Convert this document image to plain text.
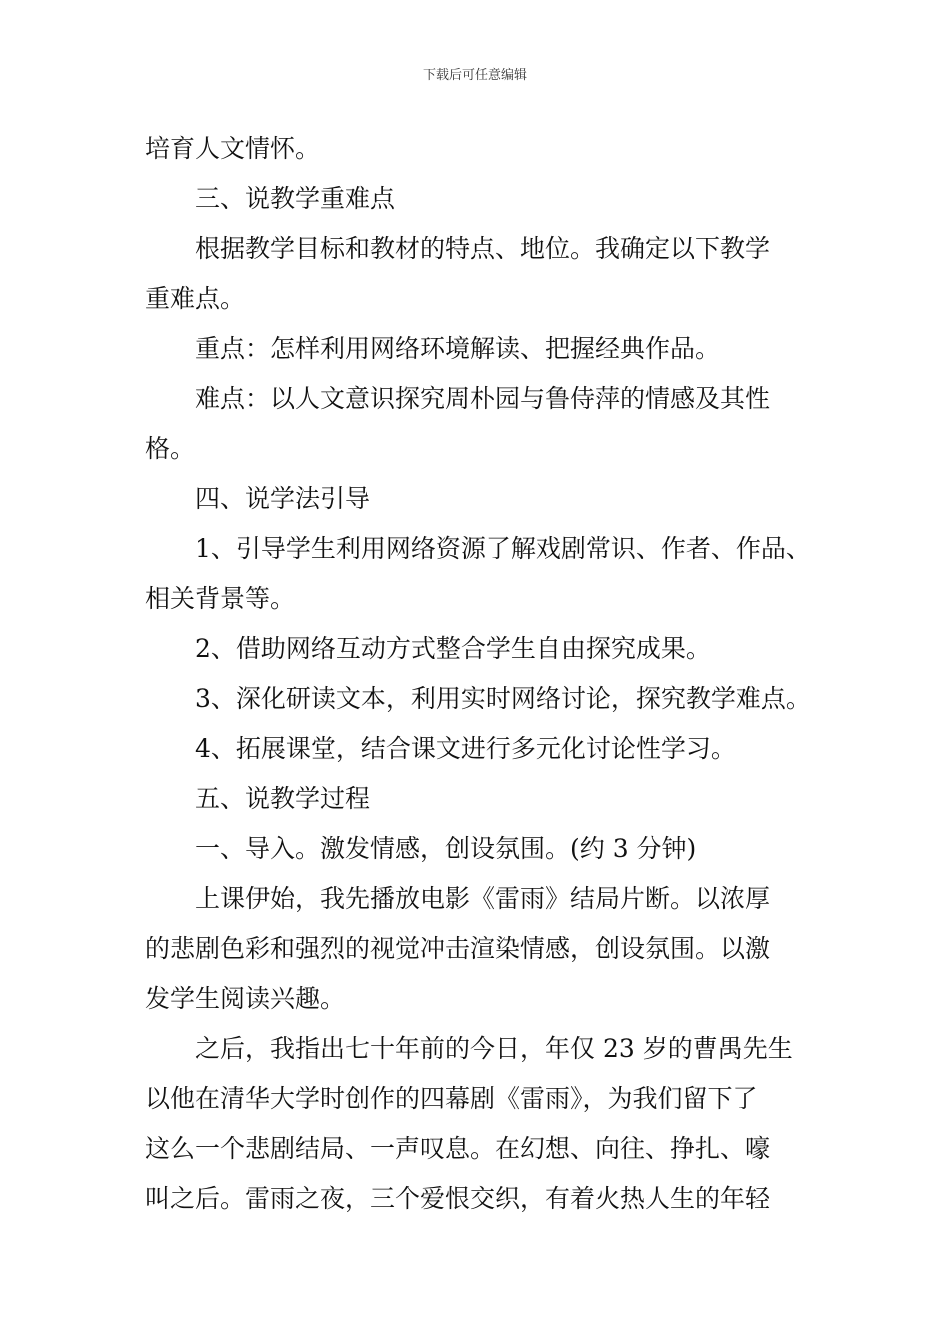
下载后可任意编辑

培育人文情怀。

三、说教学重难点

根据教学目标和教材的特点、地位。我确定以下教学

重难点。

重点：怎样利用网络环境解读、把握经典作品。

难点：以人文意识探究周朴园与鲁侍萍的情感及其性

格。

四、说学法引导

1、引导学生利用网络资源了解戏剧常识、作者、作品、

相关背景等。

2、借助网络互动方式整合学生自由探究成果。

3、深化研读文本，利用实时网络讨论，探究教学难点。

4、拓展课堂，结合课文进行多元化讨论性学习。

五、说教学过程

一、导入。激发情感，创设氛围。(约 3 分钟)

上课伊始，我先播放电影《雷雨》结局片断。以浓厚

的悲剧色彩和强烈的视觉冲击渲染情感，创设氛围。以激

发学生阅读兴趣。

之后，我指出七十年前的今日，年仅 23 岁的曹禺先生

以他在清华大学时创作的四幕剧《雷雨》，为我们留下了

这么一个悲剧结局、一声叹息。在幻想、向往、挣扎、嚎

叫之后。雷雨之夜，三个爱恨交织，有着火热人生的年轻
